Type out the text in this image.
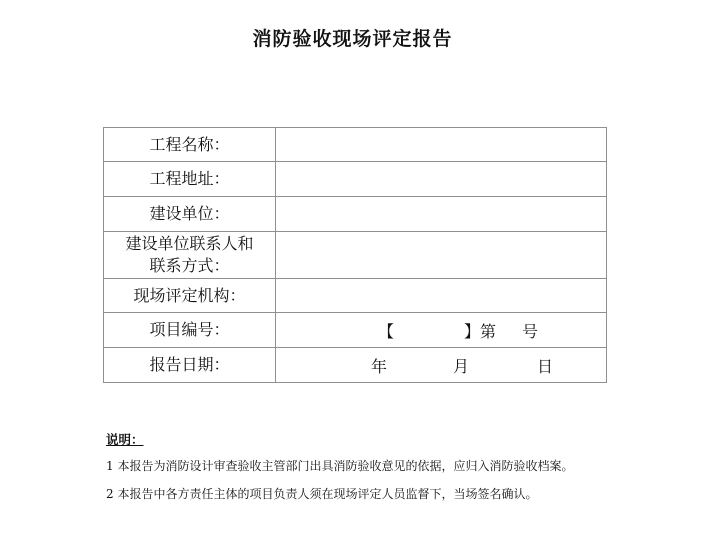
消防验收现场评定报告
工程名称：	
工程地址：	
建设单位：	

建设单位联系人和
联系方式：	

现场评定机构：	
项目编号：	【 】第 号

报告日期：	年 月 日
说明：
1 本报告为消防设计审查验收主管部门出具消防验收意见的依据，应归入消防验收档案。
2 本报告中各方责任主体的项目负责人须在现场评定人员监督下，当场签名确认。
